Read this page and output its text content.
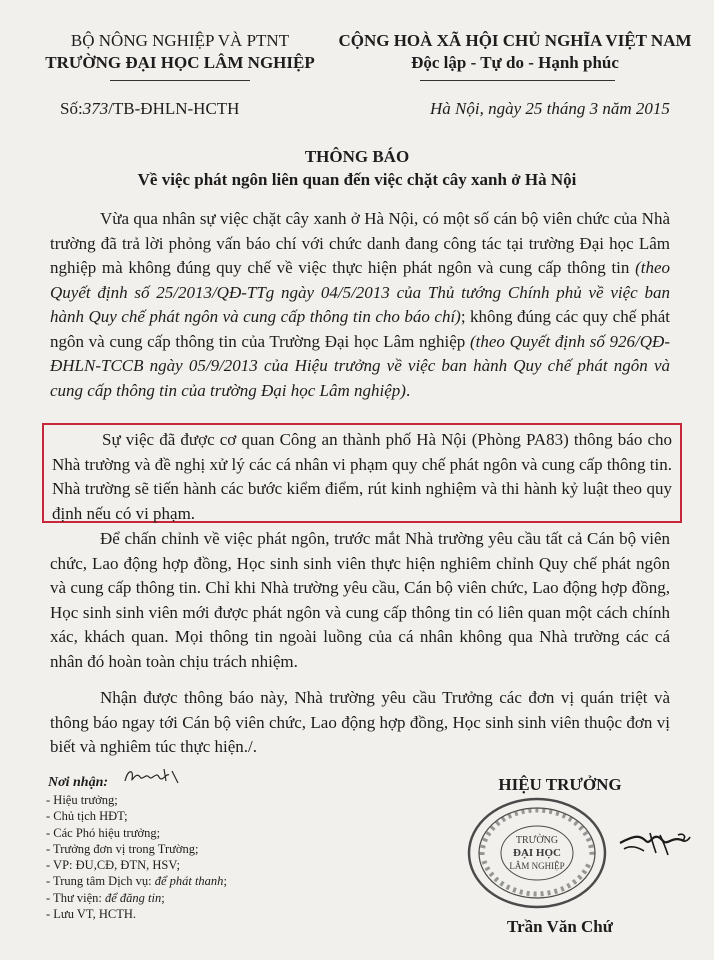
BỘ NÔNG NGHIỆP VÀ PTNT
TRƯỜNG ĐẠI HỌC LÂM NGHIỆP
CỘNG HOÀ XÃ HỘI CHỦ NGHĨA VIỆT NAM
Độc lập - Tự do - Hạnh phúc
Số:373/TB-ĐHLN-HCTH	Hà Nội, ngày 25 tháng 3 năm 2015
THÔNG BÁO
Về việc phát ngôn liên quan đến việc chặt cây xanh ở Hà Nội

Vừa qua nhân sự việc chặt cây xanh ở Hà Nội, có một số cán bộ viên chức của Nhà trường đã trả lời phỏng vấn báo chí với chức danh đang công tác tại trường Đại học Lâm nghiệp mà không đúng quy chế về việc thực hiện phát ngôn và cung cấp thông tin (theo Quyết định số 25/2013/QĐ-TTg ngày 04/5/2013 của Thủ tướng Chính phủ về việc ban hành Quy chế phát ngôn và cung cấp thông tin cho báo chí); không đúng các quy chế phát ngôn và cung cấp thông tin của Trường Đại học Lâm nghiệp (theo Quyết định số 926/QĐ-ĐHLN-TCCB ngày 05/9/2013 của Hiệu trưởng về việc ban hành Quy chế phát ngôn và cung cấp thông tin của trường Đại học Lâm nghiệp).

Sự việc đã được cơ quan Công an thành phố Hà Nội (Phòng PA83) thông báo cho Nhà trường và đề nghị xử lý các cá nhân vi phạm quy chế phát ngôn và cung cấp thông tin. Nhà trường sẽ tiến hành các bước kiểm điểm, rút kinh nghiệm và thi hành kỷ luật theo quy định nếu có vi phạm.

Để chấn chỉnh về việc phát ngôn, trước mắt Nhà trường yêu cầu tất cả Cán bộ viên chức, Lao động hợp đồng, Học sinh sinh viên thực hiện nghiêm chỉnh Quy chế phát ngôn và cung cấp thông tin. Chỉ khi Nhà trường yêu cầu, Cán bộ viên chức, Lao động hợp đồng, Học sinh sinh viên mới được phát ngôn và cung cấp thông tin có liên quan một cách chính xác, khách quan. Mọi thông tin ngoài luồng của cá nhân không qua Nhà trường các cá nhân đó hoàn toàn chịu trách nhiệm.

Nhận được thông báo này, Nhà trường yêu cầu Trưởng các đơn vị quán triệt và thông báo ngay tới Cán bộ viên chức, Lao động hợp đồng, Học sinh sinh viên thuộc đơn vị biết và nghiêm túc thực hiện./.

Nơi nhận:
- Hiệu trưởng;
- Chủ tịch HĐT;
- Các Phó hiệu trưởng;
- Trưởng đơn vị trong Trường;
- VP: ĐU,CĐ, ĐTN, HSV;
- Trung tâm Dịch vụ: để phát thanh;
- Thư viện: để đăng tin;
- Lưu VT, HCTH.
HIỆU TRƯỞNG
TRƯỜNG
ĐẠI HỌC
LÂM NGHIỆP
Trần Văn Chứ
